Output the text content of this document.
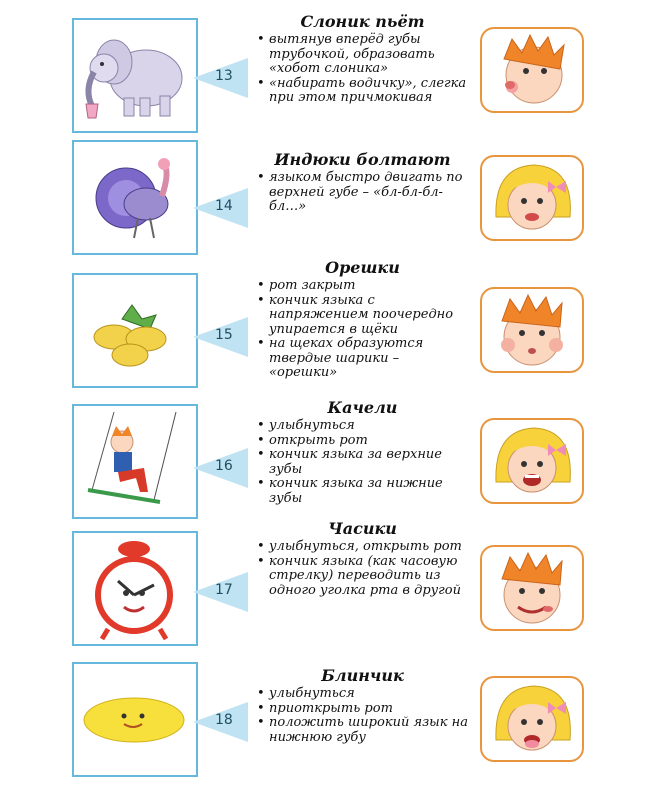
13
Слоник пьёт
• вытянув вперёд губы трубочкой, образовать «хобот слоника»
• «набирать водичку», слегка при этом причмокивая
14
Индюки болтают
• языком быстро двигать по верхней губе – «бл-бл-бл-бл…»
15
Орешки
• рот закрыт
• кончик языка с напряжением поочередно упирается в щёки
• на щеках образуются твердые шарики – «орешки»
16
Качели
• улыбнуться
• открыть рот
• кончик языка за верхние зубы
• кончик языка за нижние зубы
17
Часики
• улыбнуться, открыть рот
• кончик языка (как часовую стрелку) переводить из одного уголка рта в другой
18
Блинчик
• улыбнуться
• приоткрыть рот
• положить широкий язык на нижнюю губу
